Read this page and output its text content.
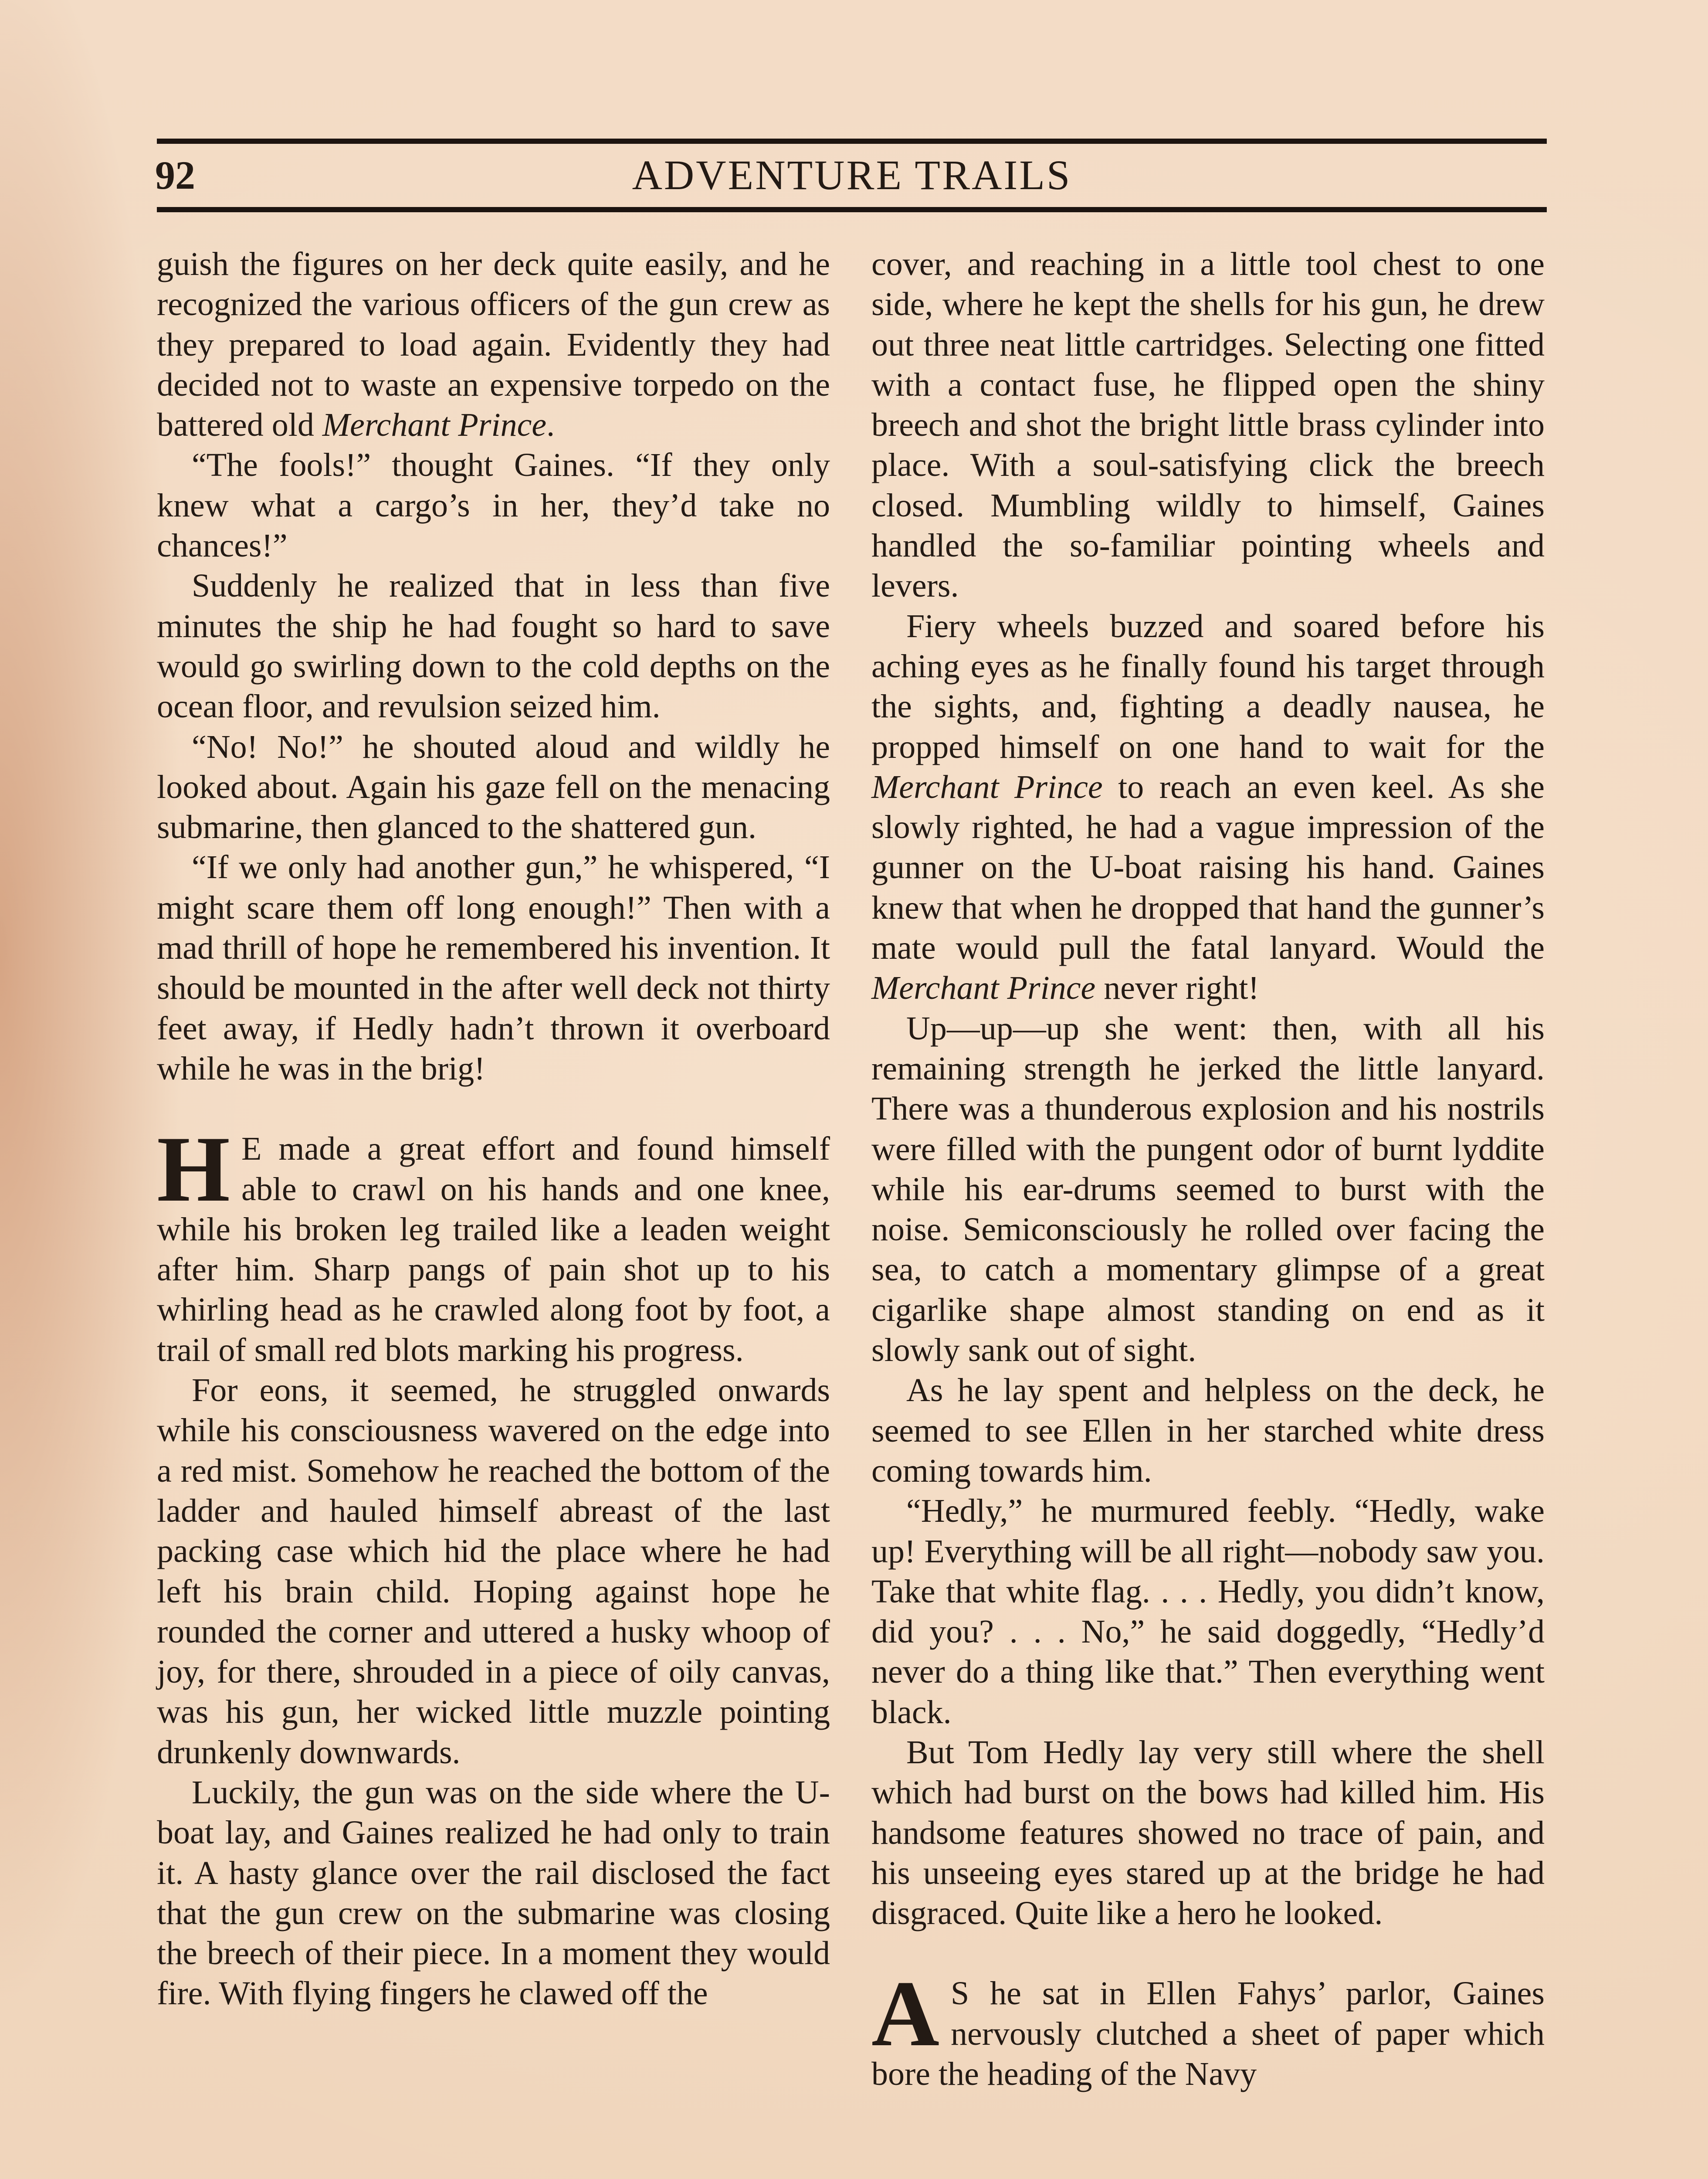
92	ADVENTURE TRAILS

guish the figures on her deck quite easily, and he recognized the various officers of the gun crew as they prepared to load again. Evidently they had decided not to waste an expensive torpedo on the battered old Merchant Prince.

“The fools!” thought Gaines. “If they only knew what a cargo’s in her, they’d take no chances!”

Suddenly he realized that in less than five minutes the ship he had fought so hard to save would go swirling down to the cold depths on the ocean floor, and revulsion seized him.

“No! No!” he shouted aloud and wildly he looked about. Again his gaze fell on the menacing submarine, then glanced to the shattered gun.

“If we only had another gun,” he whispered, “I might scare them off long enough!” Then with a mad thrill of hope he remembered his invention. It should be mounted in the after well deck not thirty feet away, if Hedly hadn’t thrown it overboard while he was in the brig!

H E made a great effort and found himself able to crawl on his hands and one knee, while his broken leg trailed like a leaden weight after him. Sharp pangs of pain shot up to his whirling head as he crawled along foot by foot, a trail of small red blots marking his progress.

For eons, it seemed, he struggled onwards while his consciousness wavered on the edge into a red mist. Somehow he reached the bottom of the ladder and hauled himself abreast of the last packing case which hid the place where he had left his brain child. Hoping against hope he rounded the corner and uttered a husky whoop of joy, for there, shrouded in a piece of oily canvas, was his gun, her wicked little muzzle pointing drunkenly downwards.

Luckily, the gun was on the side where the U-boat lay, and Gaines realized he had only to train it. A hasty glance over the rail disclosed the fact that the gun crew on the submarine was closing the breech of their piece. In a moment they would fire. With flying fingers he clawed off the

cover, and reaching in a little tool chest to one side, where he kept the shells for his gun, he drew out three neat little cartridges. Selecting one fitted with a contact fuse, he flipped open the shiny breech and shot the bright little brass cylinder into place. With a soul-satisfying click the breech closed. Mumbling wildly to himself, Gaines handled the so-familiar pointing wheels and levers.

Fiery wheels buzzed and soared before his aching eyes as he finally found his target through the sights, and, fighting a deadly nausea, he propped himself on one hand to wait for the Merchant Prince to reach an even keel. As she slowly righted, he had a vague impression of the gunner on the U-boat raising his hand. Gaines knew that when he dropped that hand the gunner’s mate would pull the fatal lanyard. Would the Merchant Prince never right!

Up—up—up she went: then, with all his remaining strength he jerked the little lanyard. There was a thunderous explosion and his nostrils were filled with the pungent odor of burnt lyddite while his ear-drums seemed to burst with the noise. Semiconsciously he rolled over facing the sea, to catch a momentary glimpse of a great cigarlike shape almost standing on end as it slowly sank out of sight.

As he lay spent and helpless on the deck, he seemed to see Ellen in her starched white dress coming towards him.

“Hedly,” he murmured feebly. “Hedly, wake up! Everything will be all right—nobody saw you. Take that white flag. . . . Hedly, you didn’t know, did you? . . . No,” he said doggedly, “Hedly’d never do a thing like that.” Then everything went black.

But Tom Hedly lay very still where the shell which had burst on the bows had killed him. His handsome features showed no trace of pain, and his unseeing eyes stared up at the bridge he had disgraced. Quite like a hero he looked.

A S he sat in Ellen Fahys’ parlor, Gaines nervously clutched a sheet of paper which bore the heading of the Navy
